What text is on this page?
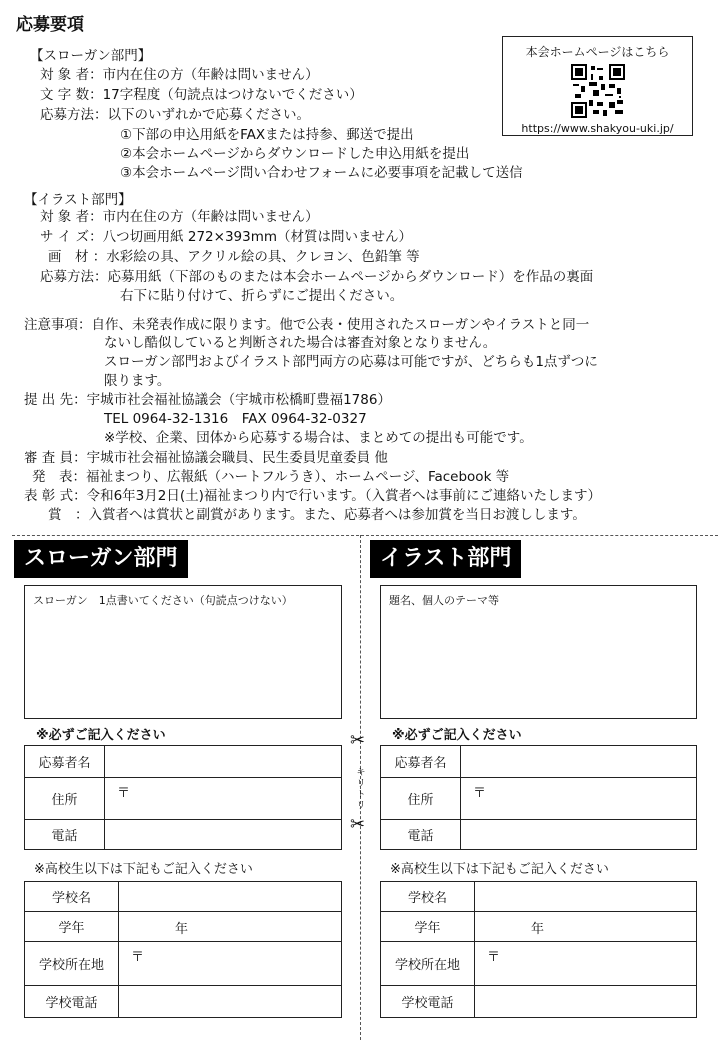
応募要項
本会ホームページはこちら
https://www.shakyou-uki.jp/
【スローガン部門】
対 象 者：市内在住の方（年齢は問いません）
文 字 数：17字程度（句読点はつけないでください）
応募方法：以下のいずれかで応募ください。
①下部の申込用紙をFAXまたは持参、郵送で提出
②本会ホームページからダウンロードした申込用紙を提出
③本会ホームページ問い合わせフォームに必要事項を記載して送信
【イラスト部門】
対 象 者：市内在住の方（年齢は問いません）
サ イ ズ：八つ切画用紙 272×393mm（材質は問いません）
画　材 ：水彩絵の具、アクリル絵の具、クレヨン、色鉛筆 等
応募方法：応募用紙（下部のものまたは本会ホームページからダウンロード）を作品の裏面
右下に貼り付けて、折らずにご提出ください。
注意事項：自作、未発表作成に限ります。他で公表・使用されたスローガンやイラストと同一
ないし酷似していると判断された場合は審査対象となりません。
スローガン部門およびイラスト部門両方の応募は可能ですが、どちらも1点ずつに
限ります。
提 出 先：宇城市社会福祉協議会（宇城市松橋町豊福1786）
TEL 0964-32-1316　FAX 0964-32-0327
※学校、企業、団体から応募する場合は、まとめての提出も可能です。
審 査 員：宇城市社会福祉協議会職員、民生委員児童委員 他
発　表：福祉まつり、広報紙（ハートフルうき）、ホームページ、Facebook 等
表 彰 式：令和6年3月2日(土)福祉まつり内で行います。（入賞者へは事前にご連絡いたします）
賞　：入賞者へは賞状と副賞があります。また、応募者へは参加賞を当日お渡しします。
✂
キリトリ
✂
スローガン部門
スローガン　1点書いてください（句読点つけない）
※必ずご記入ください
応募者名	
住所	〒

電話	
※高校生以下は下記もご記入ください
学校名	
学年	年

学校所在地	〒

学校電話	
イラスト部門
題名、個人のテーマ等
※必ずご記入ください
応募者名	
住所	〒

電話	
※高校生以下は下記もご記入ください
学校名	
学年	年

学校所在地	〒

学校電話	
